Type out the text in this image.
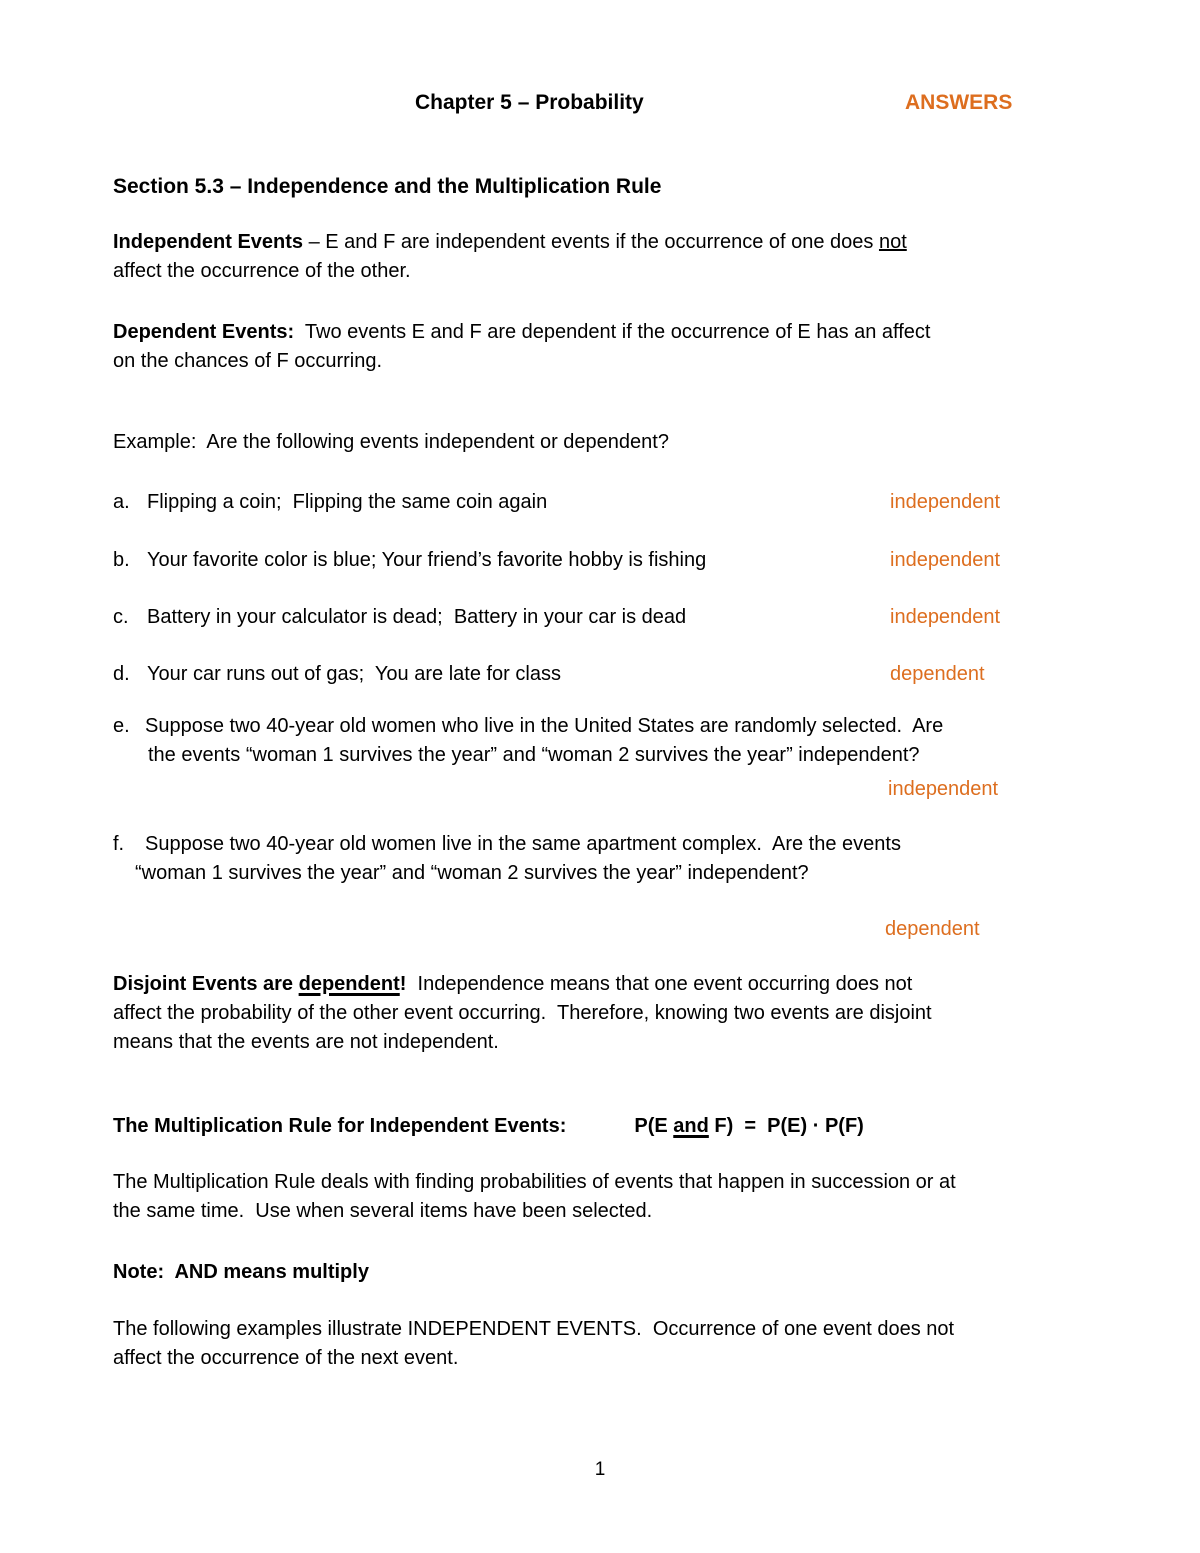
Chapter 5 – Probability	ANSWERS
Section 5.3 – Independence and the Multiplication Rule

Independent Events – E and F are independent events if the occurrence of one does not
affect the occurrence of the other.

Dependent Events:  Two events E and F are dependent if the occurrence of E has an affect
on the chances of F occurring.

Example:  Are the following events independent or dependent?

a. Flipping a coin;  Flipping the same coin again	independent
b. Your favorite color is blue; Your friend’s favorite hobby is fishing	independent
c. Battery in your calculator is dead;  Battery in your car is dead	independent
d. Your car runs out of gas;  You are late for class	dependent
e. Suppose two 40-year old women who live in the United States are randomly selected.  Are
the events “woman 1 survives the year” and “woman 2 survives the year” independent?
independent
f. Suppose two 40-year old women live in the same apartment complex.  Are the events
“woman 1 survives the year” and “woman 2 survives the year” independent?
dependent

Disjoint Events are dependent!  Independence means that one event occurring does not
affect the probability of the other event occurring.  Therefore, knowing two events are disjoint
means that the events are not independent.

The Multiplication Rule for Independent Events:	P(E and F)  =  P(E) · P(F)

The Multiplication Rule deals with finding probabilities of events that happen in succession or at
the same time.  Use when several items have been selected.

Note:  AND means multiply

The following examples illustrate INDEPENDENT EVENTS.  Occurrence of one event does not
affect the occurrence of the next event.

1
